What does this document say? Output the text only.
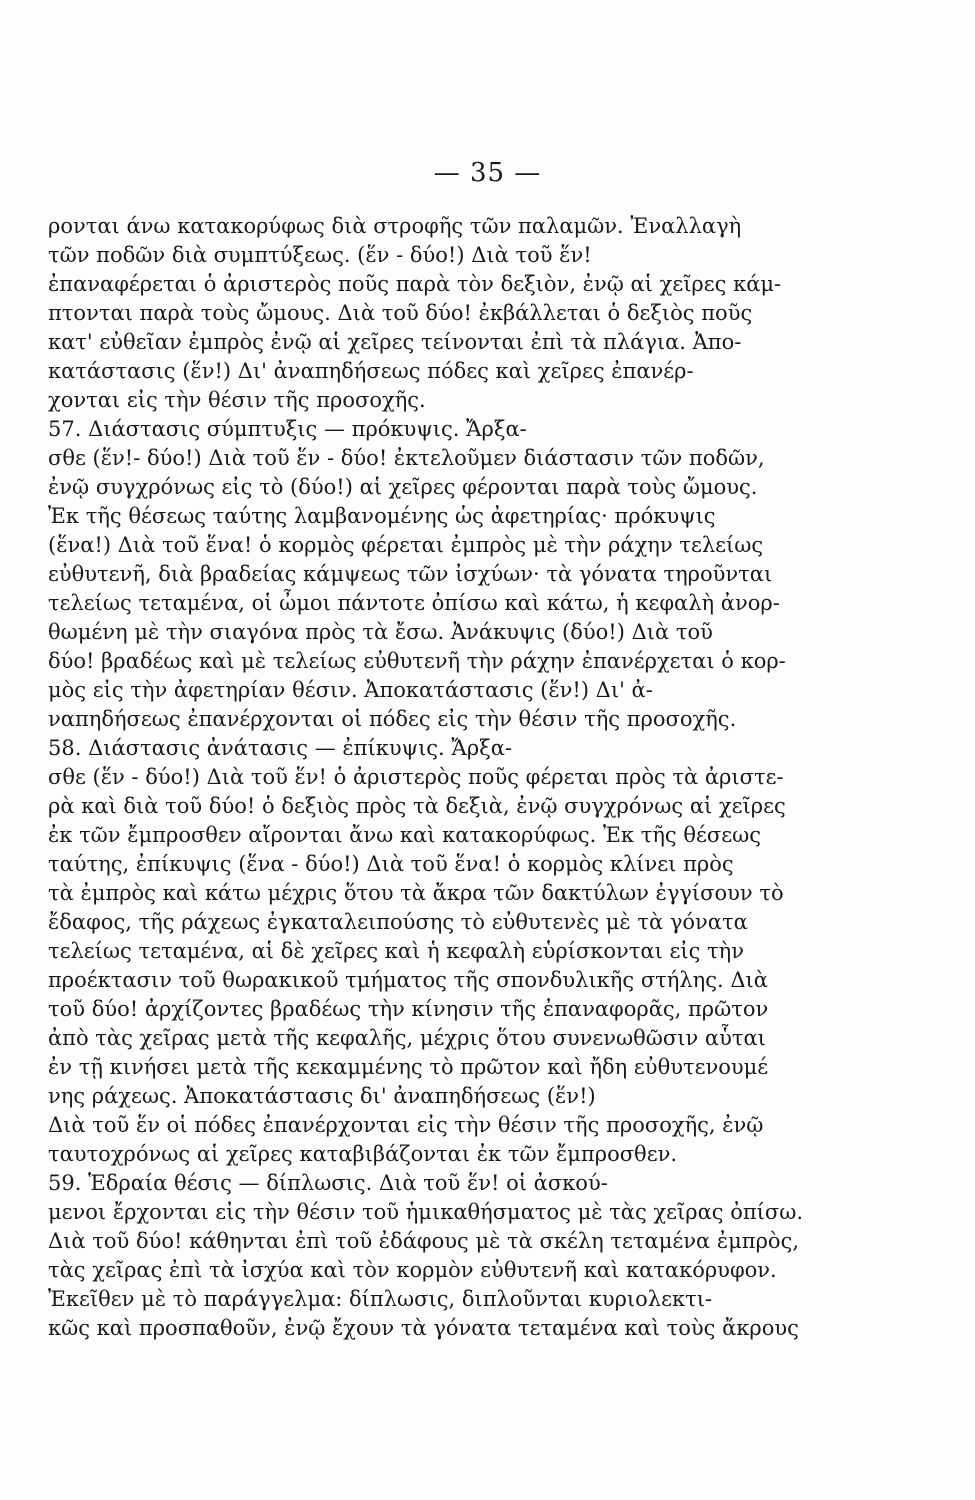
— 35 —
ρονται άνω κατακορύφως διὰ στροφῆς τῶν παλαμῶν. Ἐναλλαγὴ
τῶν ποδῶν διὰ συμπτύξεως. (ἕν - δύο!) Διὰ τοῦ ἕν!
ἐπαναφέρεται ὁ ἀριστερὸς ποῦς παρὰ τὸν δεξιὸν, ἐνῷ αἱ χεῖρες κάμ-
πτονται παρὰ τοὺς ὤμους. Διὰ τοῦ δύο! ἐκβάλλεται ὁ δεξιὸς ποῦς
κατ' εὐθεῖαν ἐμπρὸς ἐνῷ αἱ χεῖρες τείνονται ἐπὶ τὰ πλάγια. Ἀπο-
κατάστασις (ἕν!) Δι' ἀναπηδήσεως πόδες καὶ χεῖρες ἐπανέρ-
χονται εἰς τὴν θέσιν τῆς προσοχῆς.
57. Διάστασις σύμπτυξις — πρόκυψις. Ἄρξα-
σθε (ἕν!- δύο!) Διὰ τοῦ ἕν - δύο! ἐκτελοῦμεν διάστασιν τῶν ποδῶν,
ἐνῷ συγχρόνως εἰς τὸ (δύο!) αἱ χεῖρες φέρονται παρὰ τοὺς ὤμους.
Ἐκ τῆς θέσεως ταύτης λαμβανομένης ὡς ἀφετηρίας· πρόκυψις
(ἕνα!) Διὰ τοῦ ἕνα! ὁ κορμὸς φέρεται ἐμπρὸς μὲ τὴν ράχην τελείως
εὐθυτενῆ, διὰ βραδείας κάμψεως τῶν ἰσχύων· τὰ γόνατα τηροῦνται
τελείως τεταμένα, οἱ ὦμοι πάντοτε ὀπίσω καὶ κάτω, ἡ κεφαλὴ ἀνορ-
θωμένη μὲ τὴν σιαγόνα πρὸς τὰ ἔσω. Ἀνάκυψις (δύο!) Διὰ τοῦ
δύο! βραδέως καὶ μὲ τελείως εὐθυτενῆ τὴν ράχην ἐπανέρχεται ὁ κορ-
μὸς εἰς τὴν ἀφετηρίαν θέσιν. Ἀποκατάστασις (ἕν!) Δι' ἀ-
ναπηδήσεως ἐπανέρχονται οἱ πόδες εἰς τὴν θέσιν τῆς προσοχῆς.
58. Διάστασις ἀνάτασις — ἐπίκυψις. Ἄρξα-
σθε (ἕν - δύο!) Διὰ τοῦ ἕν! ὁ ἀριστερὸς ποῦς φέρεται πρὸς τὰ ἀριστε-
ρὰ καὶ διὰ τοῦ δύο! ὁ δεξιὸς πρὸς τὰ δεξιὰ, ἐνῷ συγχρόνως αἱ χεῖρες
ἐκ τῶν ἔμπροσθεν αἴρονται ἄνω καὶ κατακορύφως. Ἐκ τῆς θέσεως
ταύτης, ἐπίκυψις (ἕνα - δύο!) Διὰ τοῦ ἕνα! ὁ κορμὸς κλίνει πρὸς
τὰ ἐμπρὸς καὶ κάτω μέχρις ὅτου τὰ ἄκρα τῶν δακτύλων ἐγγίσουν τὸ
ἔδαφος, τῆς ράχεως ἐγκαταλειπούσης τὸ εὐθυτενὲς μὲ τὰ γόνατα
τελείως τεταμένα, αἱ δὲ χεῖρες καὶ ἡ κεφαλὴ εὑρίσκονται εἰς τὴν
προέκτασιν τοῦ θωρακικοῦ τμήματος τῆς σπονδυλικῆς στήλης. Διὰ
τοῦ δύο! ἀρχίζοντες βραδέως τὴν κίνησιν τῆς ἐπαναφορᾶς, πρῶτον
ἀπὸ τὰς χεῖρας μετὰ τῆς κεφαλῆς, μέχρις ὅτου συνενωθῶσιν αὗται
ἐν τῇ κινήσει μετὰ τῆς κεκαμμένης τὸ πρῶτον καὶ ἤδη εὐθυτενουμέ
νης ράχεως. Ἀποκατάστασις δι' ἀναπηδήσεως (ἕν!)
Διὰ τοῦ ἕν οἱ πόδες ἐπανέρχονται εἰς τὴν θέσιν τῆς προσοχῆς, ἐνῷ
ταυτοχρόνως αἱ χεῖρες καταβιβάζονται ἐκ τῶν ἔμπροσθεν.
59. Ἑδραία θέσις — δίπλωσις. Διὰ τοῦ ἕν! οἱ ἀσκού-
μενοι ἔρχονται εἰς τὴν θέσιν τοῦ ἡμικαθήσματος μὲ τὰς χεῖρας ὀπίσω.
Διὰ τοῦ δύο! κάθηνται ἐπὶ τοῦ ἐδάφους μὲ τὰ σκέλη τεταμένα ἐμπρὸς,
τὰς χεῖρας ἐπὶ τὰ ἰσχύα καὶ τὸν κορμὸν εὐθυτενῆ καὶ κατακόρυφον.
Ἐκεῖθεν μὲ τὸ παράγγελμα: δίπλωσις, διπλοῦνται κυριολεκτι-
κῶς καὶ προσπαθοῦν, ἐνῷ ἔχουν τὰ γόνατα τεταμένα καὶ τοὺς ἄκρους
